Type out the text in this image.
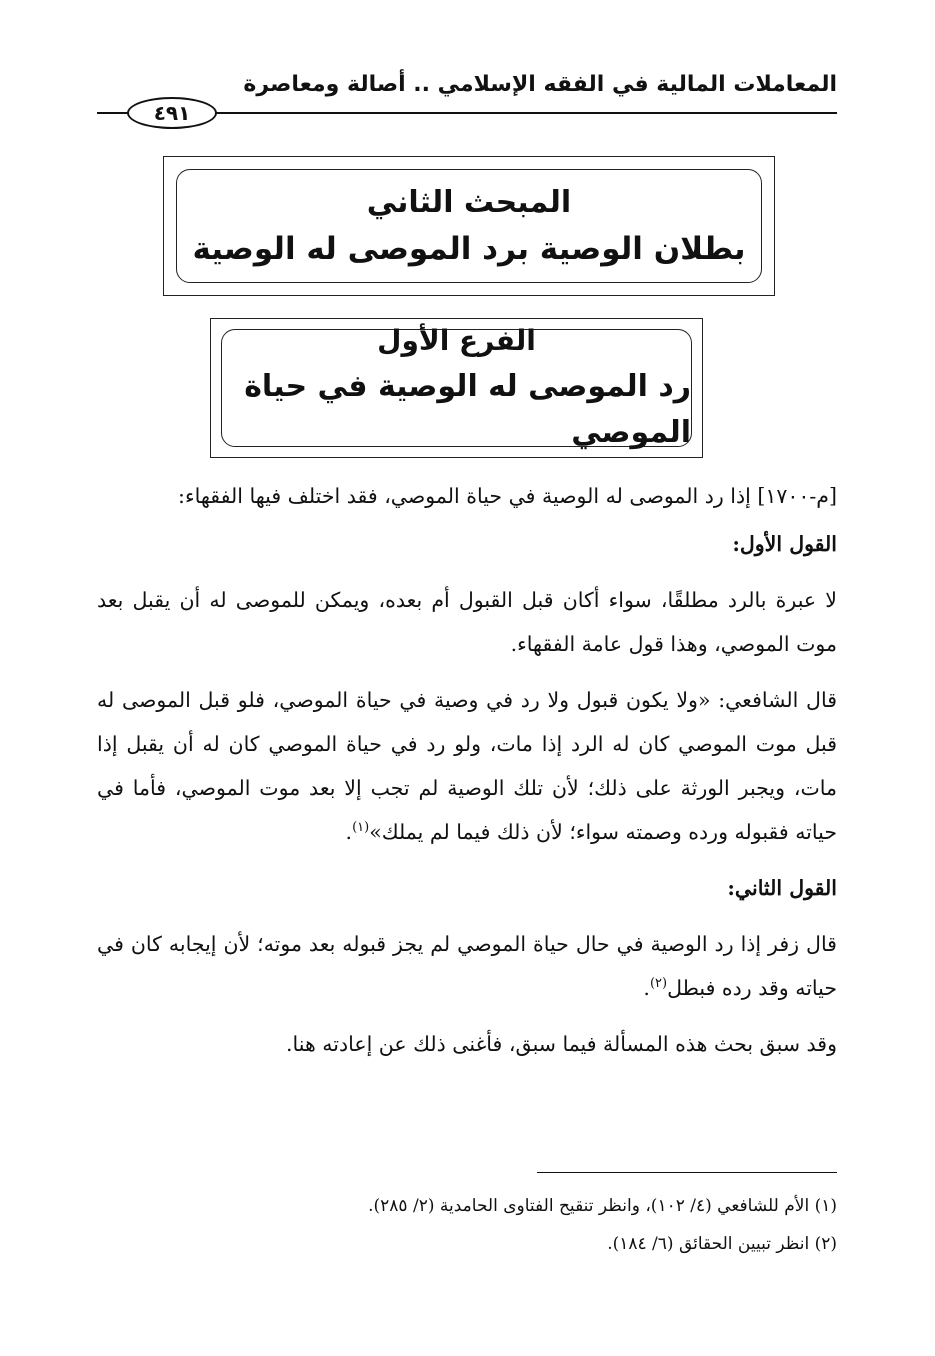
المعاملات المالية في الفقه الإسلامي .. أصالة ومعاصرة
٤٩١
المبحث الثاني
بطلان الوصية برد الموصى له الوصية
الفرع الأول
رد الموصى له الوصية في حياة الموصي

[م-١٧٠٠] إذا رد الموصى له الوصية في حياة الموصي، فقد اختلف فيها الفقهاء:

القول الأول:

لا عبرة بالرد مطلقًا، سواء أكان قبل القبول أم بعده، ويمكن للموصى له أن يقبل بعد موت الموصي، وهذا قول عامة الفقهاء.

قال الشافعي: «ولا يكون قبول ولا رد في وصية في حياة الموصي، فلو قبل الموصى له قبل موت الموصي كان له الرد إذا مات، ولو رد في حياة الموصي كان له أن يقبل إذا مات، ويجبر الورثة على ذلك؛ لأن تلك الوصية لم تجب إلا بعد موت الموصي، فأما في حياته فقبوله ورده وصمته سواء؛ لأن ذلك فيما لم يملك»$^{(١)}$.

القول الثاني:

قال زفر إذا رد الوصية في حال حياة الموصي لم يجز قبوله بعد موته؛ لأن إيجابه كان في حياته وقد رده فبطل$^{(٢)}$.

وقد سبق بحث هذه المسألة فيما سبق، فأغنى ذلك عن إعادته هنا.

(١) الأم للشافعي (٤/ ١٠٢)، وانظر تنقيح الفتاوى الحامدية (٢/ ٢٨٥).

(٢) انظر تبيين الحقائق (٦/ ١٨٤).
